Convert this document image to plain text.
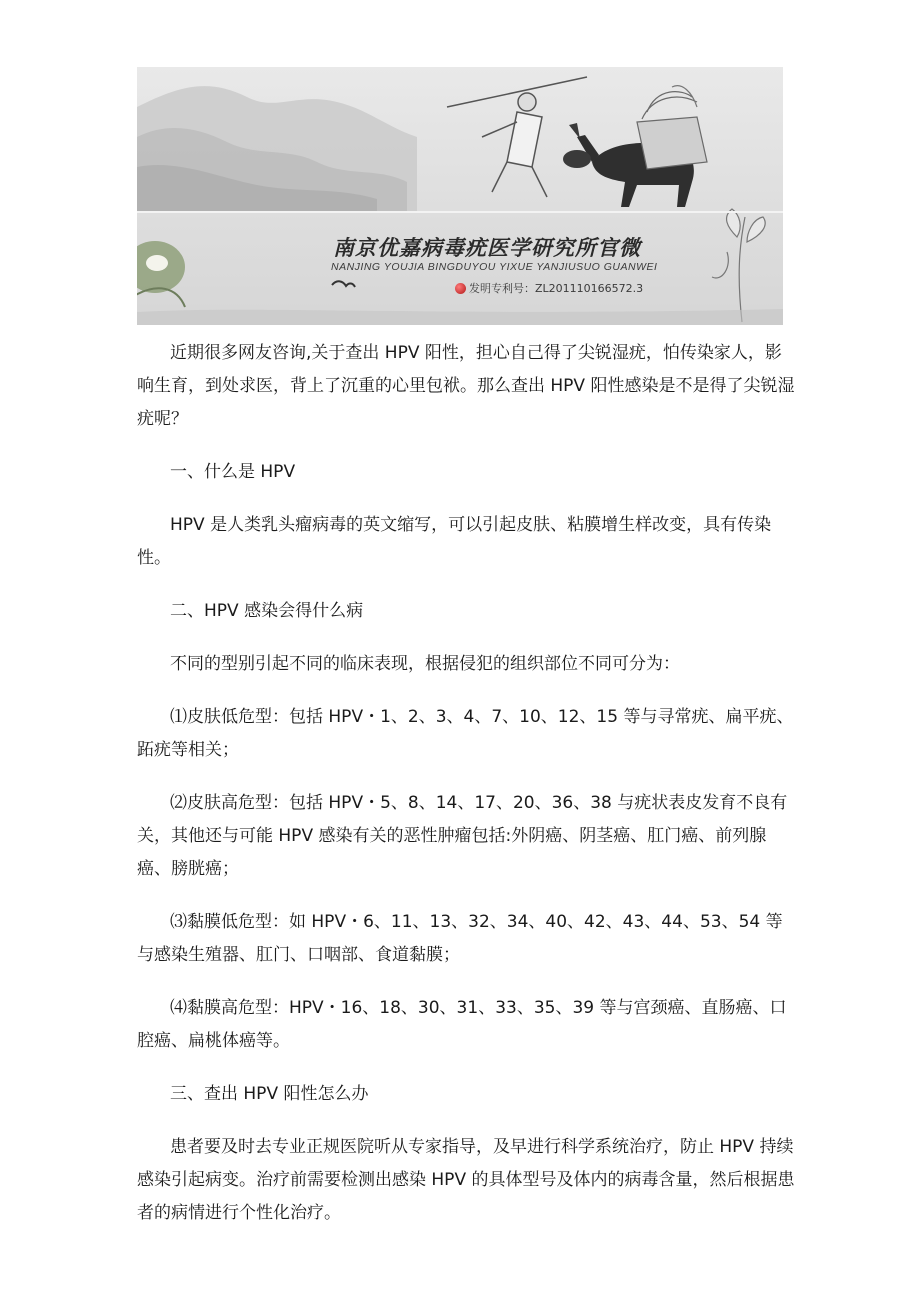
南京优嘉病毒疣医学研究所官微
NANJING YOUJIA BINGDUYOU YIXUE YANJIUSUO GUANWEI
发明专利号：ZL201110166572.3

近期很多网友咨询,关于查出 HPV 阳性，担心自己得了尖锐湿疣，怕传染家人，影响生育，到处求医，背上了沉重的心里包袱。那么查出 HPV 阳性感染是不是得了尖锐湿疣呢？

一、什么是 HPV

HPV 是人类乳头瘤病毒的英文缩写，可以引起皮肤、粘膜增生样改变，具有传染性。

二、HPV 感染会得什么病

不同的型别引起不同的临床表现，根据侵犯的组织部位不同可分为：

⑴皮肤低危型：包括 HPV・1、2、3、4、7、10、12、15 等与寻常疣、扁平疣、跖疣等相关；

⑵皮肤高危型：包括 HPV・5、8、14、17、20、36、38 与疣状表皮发育不良有关，其他还与可能 HPV 感染有关的恶性肿瘤包括:外阴癌、阴茎癌、肛门癌、前列腺癌、膀胱癌；

⑶黏膜低危型：如 HPV・6、11、13、32、34、40、42、43、44、53、54 等与感染生殖器、肛门、口咽部、食道黏膜；

⑷黏膜高危型：HPV・16、18、30、31、33、35、39 等与宫颈癌、直肠癌、口腔癌、扁桃体癌等。

三、查出 HPV 阳性怎么办

患者要及时去专业正规医院听从专家指导，及早进行科学系统治疗，防止 HPV 持续感染引起病变。治疗前需要检测出感染 HPV 的具体型号及体内的病毒含量，然后根据患者的病情进行个性化治疗。
